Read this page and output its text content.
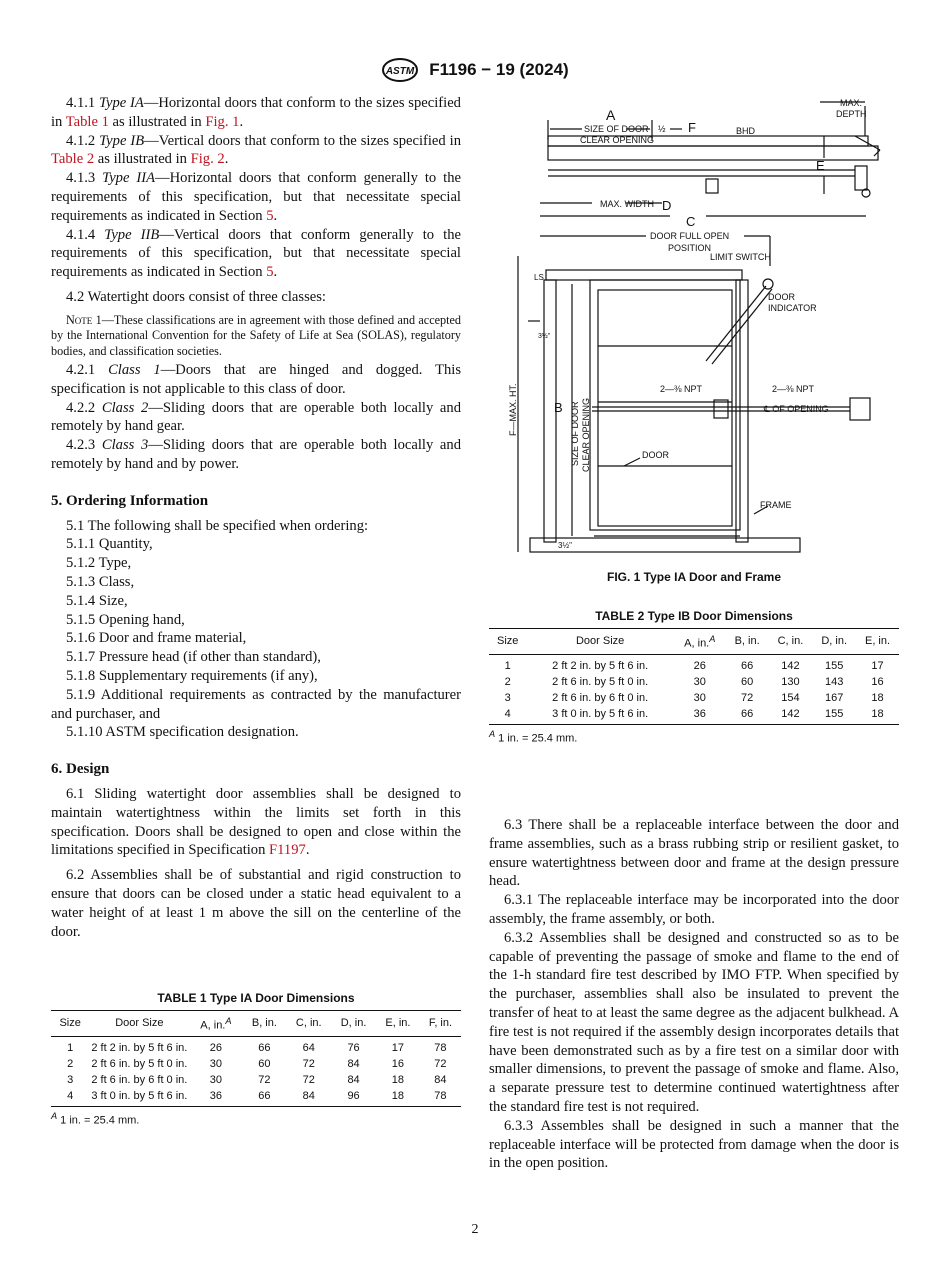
ASTM F1196 − 19 (2024)

4.1.1 Type IA—Horizontal doors that conform to the sizes specified in Table 1 as illustrated in Fig. 1.

4.1.2 Type IB—Vertical doors that conform to the sizes specified in Table 2 as illustrated in Fig. 2.

4.1.3 Type IIA—Horizontal doors that conform generally to the requirements of this specification, but that necessitate special requirements as indicated in Section 5.

4.1.4 Type IIB—Vertical doors that conform generally to the requirements of this specification, but that necessitate special requirements as indicated in Section 5.

4.2 Watertight doors consist of three classes:

Note 1—These classifications are in agreement with those defined and accepted by the International Convention for the Safety of Life at Sea (SOLAS), regulatory bodies, and classification societies.

4.2.1 Class 1—Doors that are hinged and dogged. This specification is not applicable to this class of door.

4.2.2 Class 2—Sliding doors that are operable both locally and remotely by hand gear.

4.2.3 Class 3—Sliding doors that are operable both locally and remotely by hand and by power.

5. Ordering Information

5.1 The following shall be specified when ordering:

5.1.1 Quantity,

5.1.2 Type,

5.1.3 Class,

5.1.4 Size,

5.1.5 Opening hand,

5.1.6 Door and frame material,

5.1.7 Pressure head (if other than standard),

5.1.8 Supplementary requirements (if any),

5.1.9 Additional requirements as contracted by the manufacturer and purchaser, and

5.1.10 ASTM specification designation.

6. Design

6.1 Sliding watertight door assemblies shall be designed to maintain watertightness within the limits set forth in this specification. Doors shall be designed to open and close within the limitations specified in Specification F1197.

6.2 Assemblies shall be of substantial and rigid construction to ensure that doors can be closed under a static head equivalent to a water height of at least 1 m above the sill on the centerline of the door.

A
SIZE OF DOOR
CLEAR OPENING
½ F	BHD
MAX.
DEPTH
E
MAX. WIDTH D
C
DOOR FULL OPEN
POSITION
LIMIT SWITCH
LS
DOOR
INDICATOR
3½"
F—MAX. HT.	B SIZE OF DOOR CLEAR OPENING
2—⅜ NPT	2—⅜ NPT
℄ OF OPENING
DOOR
FRAME
3½"
FIG. 1 Type IA Door and Frame
TABLE 2 Type IB Door Dimensions
Size	Door Size	A, in.$^A$	B, in.	C, in.	D, in.	E, in.
1	2 ft 2 in. by 5 ft 6 in.	26	66	142	155	17
2	2 ft 6 in. by 5 ft 0 in.	30	60	130	143	16
3	2 ft 6 in. by 6 ft 0 in.	30	72	154	167	18
4	3 ft 0 in. by 5 ft 6 in.	36	66	142	155	18
$^A$ 1 in. = 25.4 mm.

6.3 There shall be a replaceable interface between the door and frame assemblies, such as a brass rubbing strip or resilient gasket, to ensure watertightness between door and frame at the design pressure head.

6.3.1 The replaceable interface may be incorporated into the door assembly, the frame assembly, or both.

6.3.2 Assemblies shall be designed and constructed so as to be capable of preventing the passage of smoke and flame to the end of the 1-h standard fire test described by IMO FTP. When specified by the purchaser, assemblies shall also be insulated to prevent the transfer of heat to at least the same degree as the adjacent bulkhead. A fire test is not required if the assembly design incorporates details that have been demonstrated such as by a fire test on a similar door with smaller dimensions, to prevent the passage of smoke and flame. Also, a separate pressure test to determine continued watertightness after the standard fire test is not required.

6.3.3 Assembles shall be designed in such a manner that the replaceable interface will be protected from damage when the door is in the open position.

TABLE 1 Type IA Door Dimensions
Size	Door Size	A, in.$^A$	B, in.	C, in.	D, in.	E, in.	F, in.
1	2 ft 2 in. by 5 ft 6 in.	26	66	64	76	17	78
2	2 ft 6 in. by 5 ft 0 in.	30	60	72	84	16	72
3	2 ft 6 in. by 6 ft 0 in.	30	72	72	84	18	84
4	3 ft 0 in. by 5 ft 6 in.	36	66	84	96	18	78
$^A$ 1 in. = 25.4 mm.
2
